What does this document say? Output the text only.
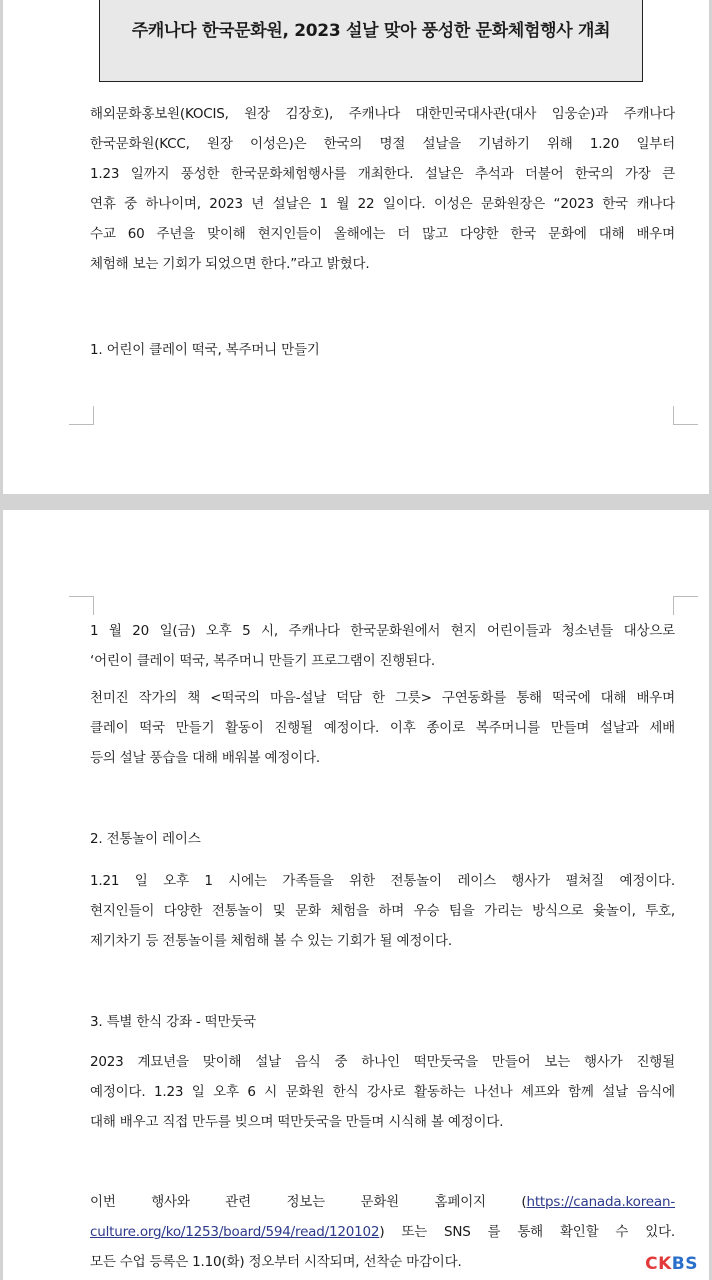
주캐나다 한국문화원, 2023 설날 맞아 풍성한 문화체험행사 개최
해외문화홍보원(KOCIS, 원장 김장호), 주캐나다 대한민국대사관(대사 임웅순)과 주캐나다
한국문화원(KCC, 원장 이성은)은 한국의 명절 설날을 기념하기 위해 1.20 일부터
1.23 일까지 풍성한 한국문화체험행사를 개최한다. 설날은 추석과 더불어 한국의 가장 큰
연휴 중 하나이며, 2023 년 설날은 1 월 22 일이다. 이성은 문화원장은 “2023 한국 캐나다
수교 60 주년을 맞이해 현지인들이 올해에는 더 많고 다양한 한국 문화에 대해 배우며
체험해 보는 기회가 되었으면 한다.”라고 밝혔다.
1. 어린이 클레이 떡국, 복주머니 만들기
1 월 20 일(금) 오후 5 시, 주캐나다 한국문화원에서 현지 어린이들과 청소년들 대상으로
‘어린이 클레이 떡국, 복주머니 만들기 프로그램이 진행된다.
천미진 작가의 책 <떡국의 마음-설날 덕담 한 그릇> 구연동화를 통해 떡국에 대해 배우며
클레이 떡국 만들기 활동이 진행될 예정이다. 이후 종이로 복주머니를 만들며 설날과 세배
등의 설날 풍습을 대해 배워볼 예정이다.
2. 전통놀이 레이스
1.21 일 오후 1 시에는 가족들을 위한 전통놀이 레이스 행사가 펼쳐질 예정이다.
현지인들이 다양한 전통놀이 및 문화 체험을 하며 우승 팀을 가리는 방식으로 윷놀이, 투호,
제기차기 등 전통놀이를 체험해 볼 수 있는 기회가 될 예정이다.
3. 특별 한식 강좌 - 떡만둣국
2023 계묘년을 맞이해 설날 음식 중 하나인 떡만둣국을 만들어 보는 행사가 진행될
예정이다. 1.23 일 오후 6 시 문화원 한식 강사로 활동하는 나선나 셰프와 함께 설날 음식에
대해 배우고 직접 만두를 빚으며 떡만둣국을 만들며 시식해 볼 예정이다.
이번 행사와 관련 정보는 문화원 홈페이지 (https://canada.korean-
culture.org/ko/1253/board/594/read/120102) 또는 SNS 를 통해 확인할 수 있다.
모든 수업 등록은 1.10(화) 정오부터 시작되며, 선착순 마감이다.	CKBS
